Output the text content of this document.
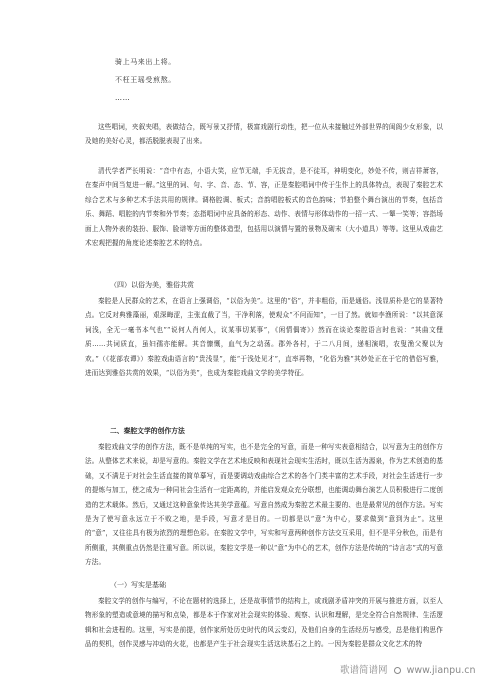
骑上马来出上将。
不枉王瑶受煎熬。
……
这些唱词，夹叙夹唱，表做结合，既写景又抒情，极富戏剧行动性，把一位从未接触过外部世界的闺阁少女形象，以及她的美好心灵，都活脱脱表现了出来。
清代学者严长明说：“音中有态，小语大笑，应节无端，手无拔音，是不徒耳，神明变化，妙处不传，则吉祥萧容，在秦声中间当复进一解。”这里的词、句、字、音、态、节、容，正是秦腔唱词中传于生作上的具体特点，表现了秦腔艺术综合艺术与多种艺术手法共用的规律。调格腔调、板式；音韵唱腔板式的音色韵味；节拍整个舞台演出的节奏，包括音乐、舞蹈、唱腔的内节奏和外节奏；态指唱词中应具备的形态、动作、表情与形体动作的一招一式、一颦一笑等；容指场面上人物外表的装扮、服饰、脸谱等方面的整体造型，包括用以演情与置的景物及砌末（大小道具）等等。这里从戏曲艺术宏观把握的角度论述秦腔艺术的特点。
（四）以俗为美，雅俗共赏
秦腔是人民群众的艺术，在语言上强调俗，“以俗为美”。这里的“俗”，并非粗俗，而是通俗。浅显质朴是它的显著特点。它反对典雅藻丽，艰深晦涩，主张直截了当，干净利落，使观众“不问而知”，一目了然。就如李渔所说：“以其意深词浅，全无一毫书本气也”“说何人肖何人，议某事切某事”，《闲情偶寄》）然而在谈论秦腔语言时也说：“其曲文俚质……共词质直，虽妇孺亦能解。其音慷慨，血气为之动荡。郡外各村，于二八月间，递相演唱，农叟渔父聚以为欢。”（《花部农谭》）秦腔戏曲语言的“贵浅显”，能“于浅处见才”，直率再物，“化俗为雅”其妙处正在于它的借俗写雅，进而达到雅俗共赏的效果，“以俗为美”，也成为秦腔戏曲文学的美学特征。
二、秦腔文学的创作方法
秦腔戏曲文学的创作方法，既不是单纯的写实，也不是完全的写意，而是一种写实表意相结合，以写意为主的创作方法。从整体艺术来说，却是写意的。秦腔文学在艺术地反映和表现社会现实生活时，既以生活为源泉，作为艺术创造的基础，又不满足于对社会生活直接的简单摹写，而是要调动戏曲综合艺术的各个门类丰富的艺术手段，对社会生活进行一步的提炼与加工，使之成为一种同社会生活有一定距离的，并能启发观众充分联想，也能调动舞台演艺人员积极进行二度创造的艺术载体。然后，又通过这种意象传达其美学意蕴。写意自然成为秦腔艺术最主要的、也是最常见的创作方法。写实是为了使写意永远立于不败之地，是手段，写意才是目的。一切都是以“意”为中心，要求做到“意到为止”。这里的“意”，又往往具有极为浓烈的理想色彩。在秦腔文学中，写实和写意两种创作方法交互采用，但不是平分秋色，而是有所侧重，其侧重点仍然是注重写意。所以说，秦腔文学是一种以“意”为中心的艺术，创作方法是传统的“诗言志”式的写意方法。
（一）写实是基础
秦腔文学的创作与编写，不论在题材的选择上，还是故事情节的结构上，或戏剧矛盾冲突的开展与推进方面，以至人物形象的塑造或意境的描写和点染，都是本于作家对社会现实的体验、观察、认识和理解，是完全符合自然规律、生活逻辑和社会进程的。这里，写实是前提，创作家所处历史时代的风云变幻，及他们自身的生活经历与感受，总是他们构思作品的契机，创作灵感与冲动的火花，也都是产生于社会现实生活这块基石之上的。一因为秦腔是群众文化艺术的特
歌谱简谱网 www.jianpu.cn
